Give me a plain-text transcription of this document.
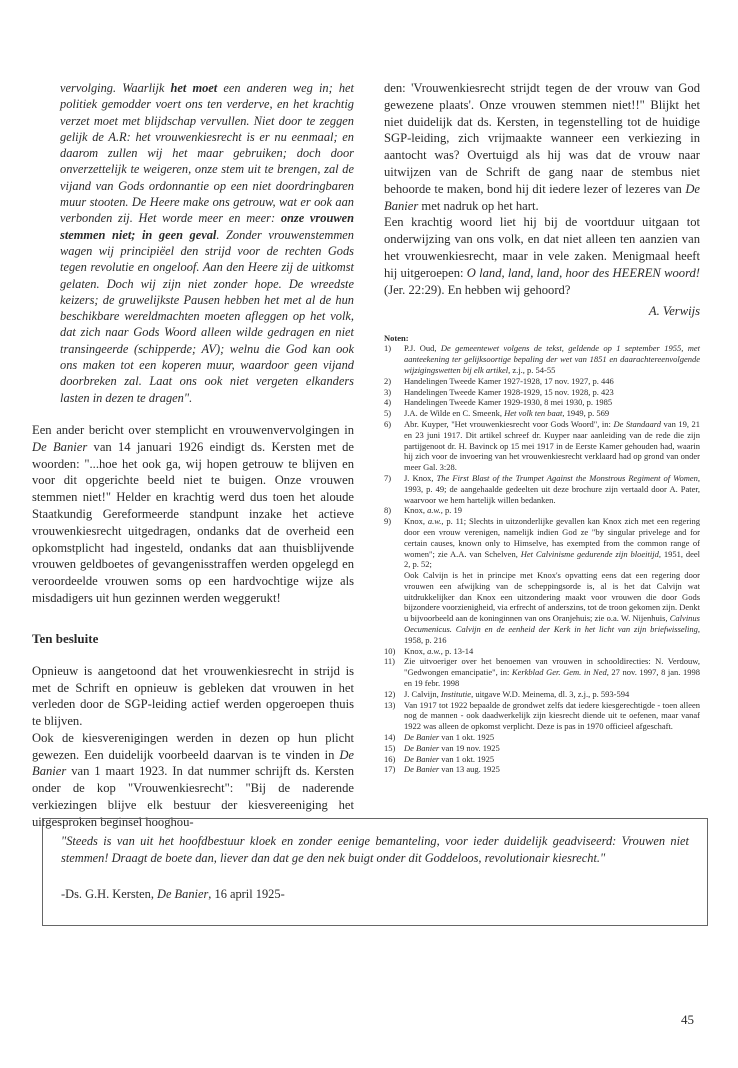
vervolging. Waarlijk het moet een anderen weg in; het politiek gemodder voert ons ten verderve, en het krachtig verzet moet met blijdschap vervullen. Niet door te zeggen gelijk de A.R: het vrouwenkiesrecht is er nu eenmaal; en daarom zullen wij het maar gebruiken; doch door onverzettelijk te weigeren, onze stem uit te brengen, zal de vijand van Gods ordonnantie op een niet doordringbaren muur stooten. De Heere make ons getrouw, wat er ook aan verbonden zij. Het worde meer en meer: onze vrouwen stemmen niet; in geen geval. Zonder vrouwenstemmen wagen wij principiëel den strijd voor de rechten Gods tegen revolutie en ongeloof. Aan den Heere zij de uitkomst gelaten. Doch wij zijn niet zonder hope. De wreedste keizers; de gruwelijkste Pausen hebben het met al de hun beschikbare wereldmachten moeten afleggen op het volk, dat zich naar Gods Woord alleen wilde gedragen en niet transingeerde (schipperde; AV); welnu die God kan ook ons maken tot een koperen muur, waardoor geen vijand doorbreken zal. Laat ons ook niet vergeten elkanders lasten in dezen te dragen".

Een ander bericht over stemplicht en vrouwenvervolgingen in De Banier van 14 januari 1926 eindigt ds. Kersten met de woorden: "...hoe het ook ga, wij hopen getrouw te blijven en voor dit opgerichte beeld niet te buigen. Onze vrouwen stemmen niet!" Helder en krachtig werd dus toen het aloude Staatkundig Gereformeerde standpunt inzake het actieve vrouwenkiesrecht uitgedragen, ondanks dat de overheid een opkomstplicht had ingesteld, ondanks dat aan thuisblijvende vrouwen geldboetes of gevangenisstraffen werden opgelegd en veroordeelde vrouwen soms op een hardvochtige wijze als misdadigers uit hun gezinnen werden weggerukt!

Ten besluite

Opnieuw is aangetoond dat het vrouwenkiesrecht in strijd is met de Schrift en opnieuw is gebleken dat vrouwen in het verleden door de SGP-leiding actief werden opgeroepen thuis te blijven.

Ook de kiesverenigingen werden in dezen op hun plicht gewezen. Een duidelijk voorbeeld daarvan is te vinden in De Banier van 1 maart 1923. In dat nummer schrijft ds. Kersten onder de kop "Vrouwenkiesrecht": "Bij de naderende verkiezingen blijve elk bestuur der kiesvereeniging het uitgesproken beginsel hooghou-

den: 'Vrouwenkiesrecht strijdt tegen de der vrouw van God gewezene plaats'. Onze vrouwen stemmen niet!!" Blijkt het niet duidelijk dat ds. Kersten, in tegenstelling tot de huidige SGP-leiding, zich vrijmaakte wanneer een verkiezing in aantocht was? Overtuigd als hij was dat de vrouw naar uitwijzen van de Schrift de gang naar de stembus niet behoorde te maken, bond hij dit iedere lezer of lezeres van De Banier met nadruk op het hart.

Een krachtig woord liet hij bij de voortduur uitgaan tot onderwijzing van ons volk, en dat niet alleen ten aanzien van het vrouwenkiesrecht, maar in vele zaken. Menigmaal heeft hij uitgeroepen: O land, land, land, hoor des HEEREN woord! (Jer. 22:29). En hebben wij gehoord?

A. Verwijs
Noten:
1) P.J. Oud, De gemeentewet volgens de tekst, geldende op 1 september 1955, met aanteekening ter gelijksoortige bepaling der wet van 1851 en daarachtereenvolgende wijzigingswetten bij elk artikel, z.j., p. 54-55
2) Handelingen Tweede Kamer 1927-1928, 17 nov. 1927, p. 446
3) Handelingen Tweede Kamer 1928-1929, 15 nov. 1928, p. 423
4) Handelingen Tweede Kamer 1929-1930, 8 mei 1930, p. 1985
5) J.A. de Wilde en C. Smeenk, Het volk ten baat, 1949, p. 569
6) Abr. Kuyper, "Het vrouwenkiesrecht voor Gods Woord", in: De Standaard van 19, 21 en 23 juni 1917. Dit artikel schreef dr. Kuyper naar aanleiding van de rede die zijn partijgenoot dr. H. Bavinck op 15 mei 1917 in de Eerste Kamer gehouden had, waarin hij zich voor de invoering van het vrouwenkiesrecht verklaard had op grond van onder meer Gal. 3:28.
7) J. Knox, The First Blast of the Trumpet Against the Monstrous Regiment of Women, 1993, p. 49; de aangehaalde gedeelten uit deze brochure zijn vertaald door A. Pater, waarvoor we hem hartelijk willen bedanken.
8) Knox, a.w., p. 19
9) Knox, a.w., p. 11; Slechts in uitzonderlijke gevallen kan Knox zich met een regering door een vrouw verenigen, namelijk indien God ze "by singular privelege and for certain causes, known only to Himselve, has exempted from the common range of women"; zie A.A. van Schelven, Het Calvinisme gedurende zijn bloeitijd, 1951, deel 2, p. 52;
Ook Calvijn is het in principe met Knox's opvatting eens dat een regering door vrouwen een afwijking van de scheppingsorde is, al is het dat Calvijn wat uitdrukkelijker dan Knox een uitzondering maakt voor vrouwen die door Gods bijzondere voorzienigheid, via erfrecht of anderszins, tot de troon gekomen zijn. Denkt u bijvoorbeeld aan de koninginnen van ons Oranjehuis; zie o.a. W. Nijenhuis, Calvinus Oecumenicus. Calvijn en de eenheid der Kerk in het licht van zijn briefwisseling, 1958, p. 216
10) Knox, a.w., p. 13-14
11) Zie uitvoeriger over het benoemen van vrouwen in schooldirecties: N. Verdouw, "Gedwongen emancipatie", in: Kerkblad Ger. Gem. in Ned, 27 nov. 1997, 8 jan. 1998 en 19 febr. 1998
12) J. Calvijn, Institutie, uitgave W.D. Meinema, dl. 3, z.j., p. 593-594
13) Van 1917 tot 1922 bepaalde de grondwet zelfs dat iedere kiesgerechtigde - toen alleen nog de mannen - ook daadwerkelijk zijn kiesrecht diende uit te oefenen, maar vanaf 1922 was alleen de opkomst verplicht. Deze is pas in 1970 officieel afgeschaft.
14) De Banier van 1 okt. 1925
15) De Banier van 19 nov. 1925
16) De Banier van 1 okt. 1925
17) De Banier van 13 aug. 1925

"Steeds is van uit het hoofdbestuur kloek en zonder eenige bemanteling, voor ieder duidelijk geadviseerd: Vrouwen niet stemmen! Draagt de boete dan, liever dan dat ge den nek buigt onder dit Goddeloos, revolutionair kiesrecht."

-Ds. G.H. Kersten, De Banier, 16 april 1925-

45
